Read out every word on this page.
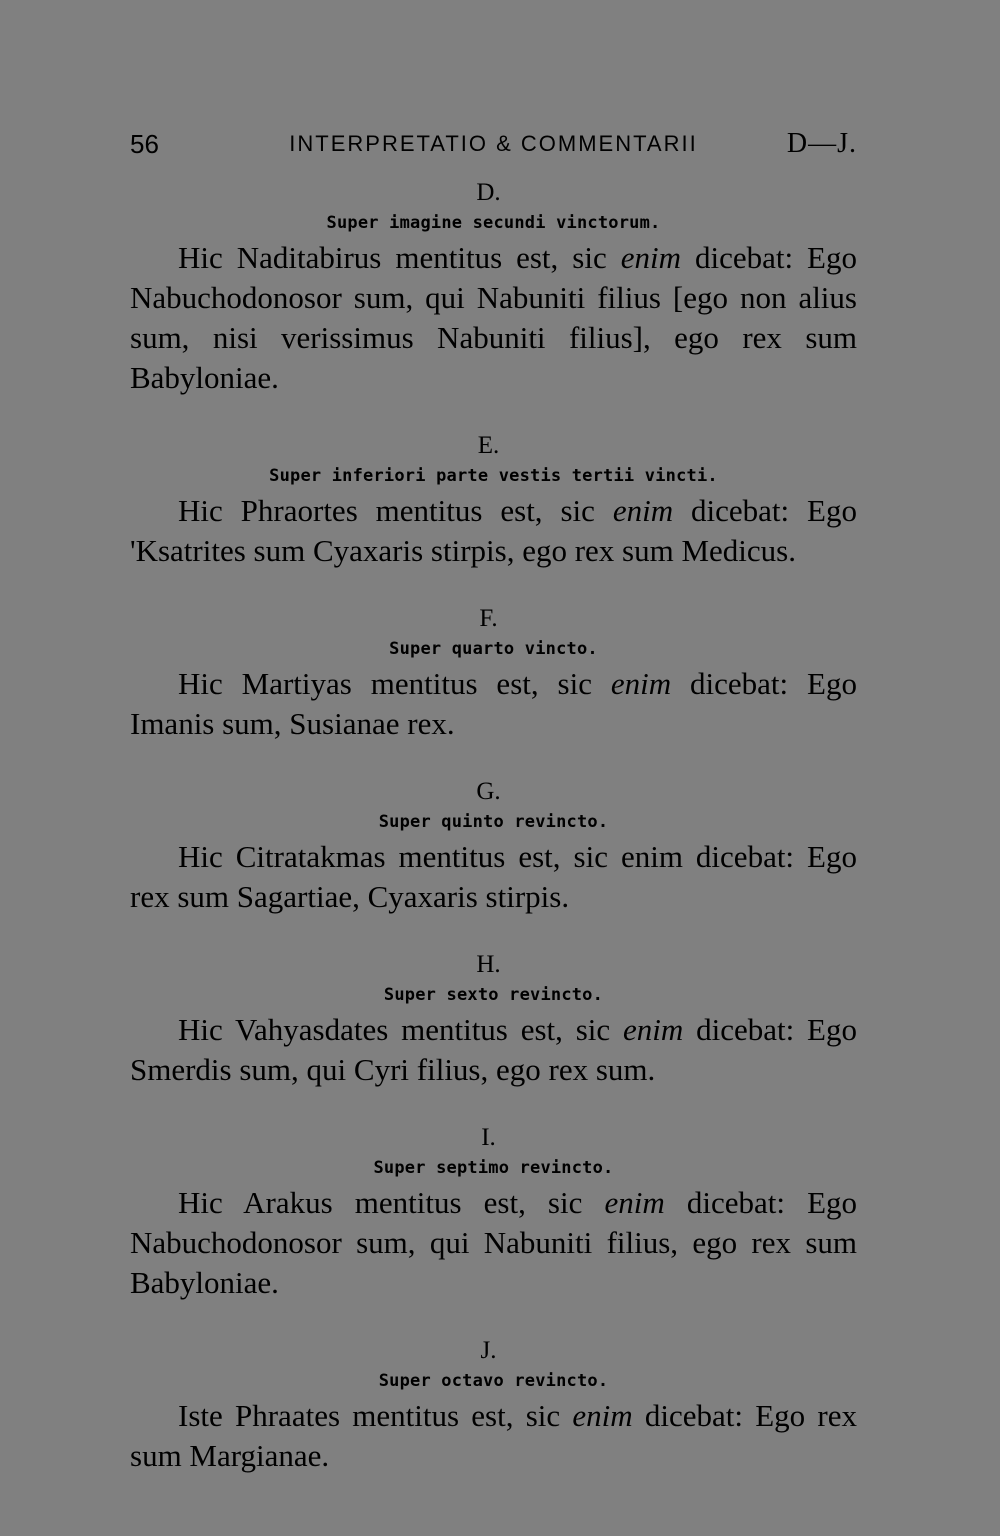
56	INTERPRETATIO & COMMENTARII	D—J.
D.
Super imagine secundi vinctorum.

Hic Naditabirus mentitus est, sic enim dicebat: Ego Nabuchodonosor sum, qui Nabuniti filius [ego non alius sum, nisi verissimus Nabuniti filius], ego rex sum Babyloniae.

E.
Super inferiori parte vestis tertii vincti.

Hic Phraortes mentitus est, sic enim dicebat: Ego 'Ksatrites sum Cyaxaris stirpis, ego rex sum Medicus.

F.
Super quarto vincto.

Hic Martiyas mentitus est, sic enim dicebat: Ego Imanis sum, Susianae rex.

G.
Super quinto revincto.

Hic Citratakmas mentitus est, sic enim dicebat: Ego rex sum Sagartiae, Cyaxaris stirpis.

H.
Super sexto revincto.

Hic Vahyasdates mentitus est, sic enim dicebat: Ego Smerdis sum, qui Cyri filius, ego rex sum.

I.
Super septimo revincto.

Hic Arakus mentitus est, sic enim dicebat: Ego Nabuchodonosor sum, qui Nabuniti filius, ego rex sum Babyloniae.

J.
Super octavo revincto.

Iste Phraates mentitus est, sic enim dicebat: Ego rex sum Margianae.
